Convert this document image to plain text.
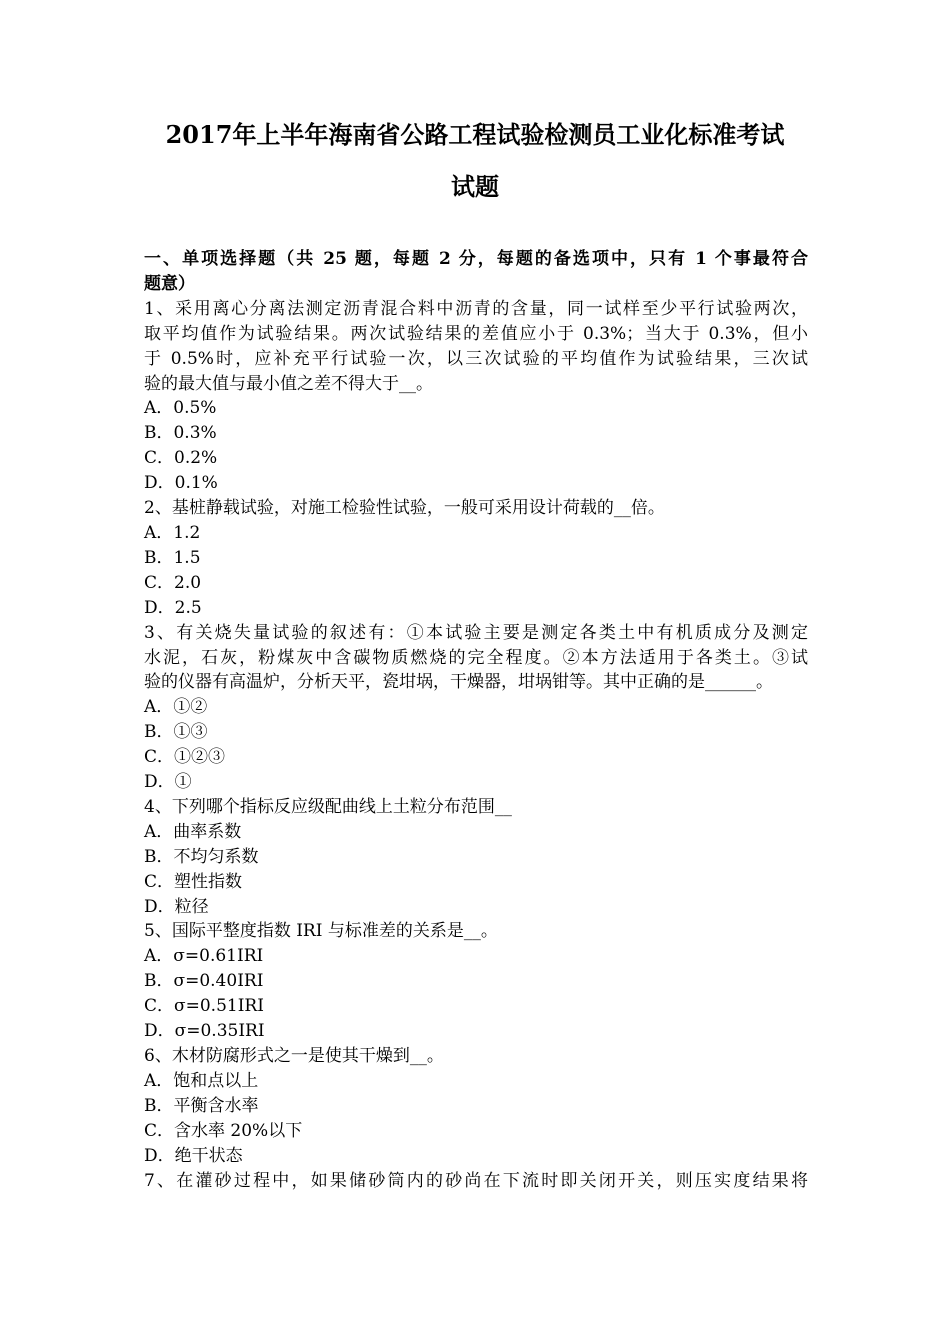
2017年上半年海南省公路工程试验检测员工业化标准考试
试题
一、单项选择题（共 25 题，每题 2 分，每题的备选项中，只有 1 个事最符合
题意）
1、采用离心分离法测定沥青混合料中沥青的含量，同一试样至少平行试验两次，
取平均值作为试验结果。两次试验结果的差值应小于 0.3%；当大于 0.3%，但小
于 0.5%时，应补充平行试验一次，以三次试验的平均值作为试验结果，三次试
验的最大值与最小值之差不得大于__。
A．0.5%
B．0.3%
C．0.2%
D．0.1%
2、基桩静载试验，对施工检验性试验，一般可采用设计荷载的__倍。
A．1.2
B．1.5
C．2.0
D．2.5
3、有关烧失量试验的叙述有：①本试验主要是测定各类土中有机质成分及测定
水泥，石灰，粉煤灰中含碳物质燃烧的完全程度。②本方法适用于各类土。③试
验的仪器有高温炉，分析天平，瓷坩埚，干燥器，坩埚钳等。其中正确的是______。
A．①②
B．①③
C．①②③
D．①
4、下列哪个指标反应级配曲线上土粒分布范围__
A．曲率系数
B．不均匀系数
C．塑性指数
D．粒径
5、国际平整度指数 IRI 与标准差的关系是__。
A．σ=0.61IRI
B．σ=0.40IRI
C．σ=0.51IRI
D．σ=0.35IRI
6、木材防腐形式之一是使其干燥到__。
A．饱和点以上
B．平衡含水率
C．含水率 20%以下
D．绝干状态
7、在灌砂过程中，如果储砂筒内的砂尚在下流时即关闭开关，则压实度结果将
